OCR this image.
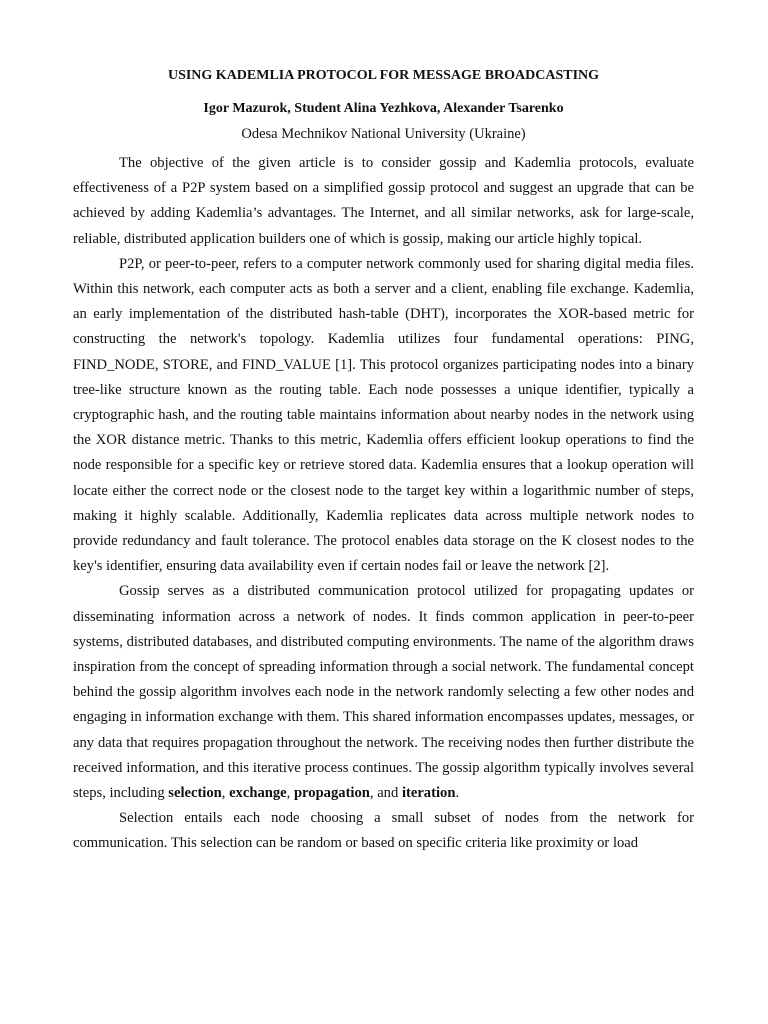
USING KADEMLIA PROTOCOL FOR MESSAGE BROADCASTING

Igor Mazurok, Student Alina Yezhkova, Alexander Tsarenko

Odesa Mechnikov National University (Ukraine)

The objective of the given article is to consider gossip and Kademlia protocols, evaluate effectiveness of a P2P system based on a simplified gossip protocol and suggest an upgrade that can be achieved by adding Kademlia’s advantages. The Internet, and all similar networks, ask for large-scale, reliable, distributed application builders one of which is gossip, making our article highly topical.

P2P, or peer-to-peer, refers to a computer network commonly used for sharing digital media files. Within this network, each computer acts as both a server and a client, enabling file exchange. Kademlia, an early implementation of the distributed hash-table (DHT), incorporates the XOR-based metric for constructing the network's topology. Kademlia utilizes four fundamental operations: PING, FIND_NODE, STORE, and FIND_VALUE [1]. This protocol organizes participating nodes into a binary tree-like structure known as the routing table. Each node possesses a unique identifier, typically a cryptographic hash, and the routing table maintains information about nearby nodes in the network using the XOR distance metric. Thanks to this metric, Kademlia offers efficient lookup operations to find the node responsible for a specific key or retrieve stored data. Kademlia ensures that a lookup operation will locate either the correct node or the closest node to the target key within a logarithmic number of steps, making it highly scalable. Additionally, Kademlia replicates data across multiple network nodes to provide redundancy and fault tolerance. The protocol enables data storage on the K closest nodes to the key's identifier, ensuring data availability even if certain nodes fail or leave the network [2].

Gossip serves as a distributed communication protocol utilized for propagating updates or disseminating information across a network of nodes. It finds common application in peer-to-peer systems, distributed databases, and distributed computing environments. The name of the algorithm draws inspiration from the concept of spreading information through a social network. The fundamental concept behind the gossip algorithm involves each node in the network randomly selecting a few other nodes and engaging in information exchange with them. This shared information encompasses updates, messages, or any data that requires propagation throughout the network. The receiving nodes then further distribute the received information, and this iterative process continues. The gossip algorithm typically involves several steps, including selection, exchange, propagation, and iteration.

Selection entails each node choosing a small subset of nodes from the network for communication. This selection can be random or based on specific criteria like proximity or load
